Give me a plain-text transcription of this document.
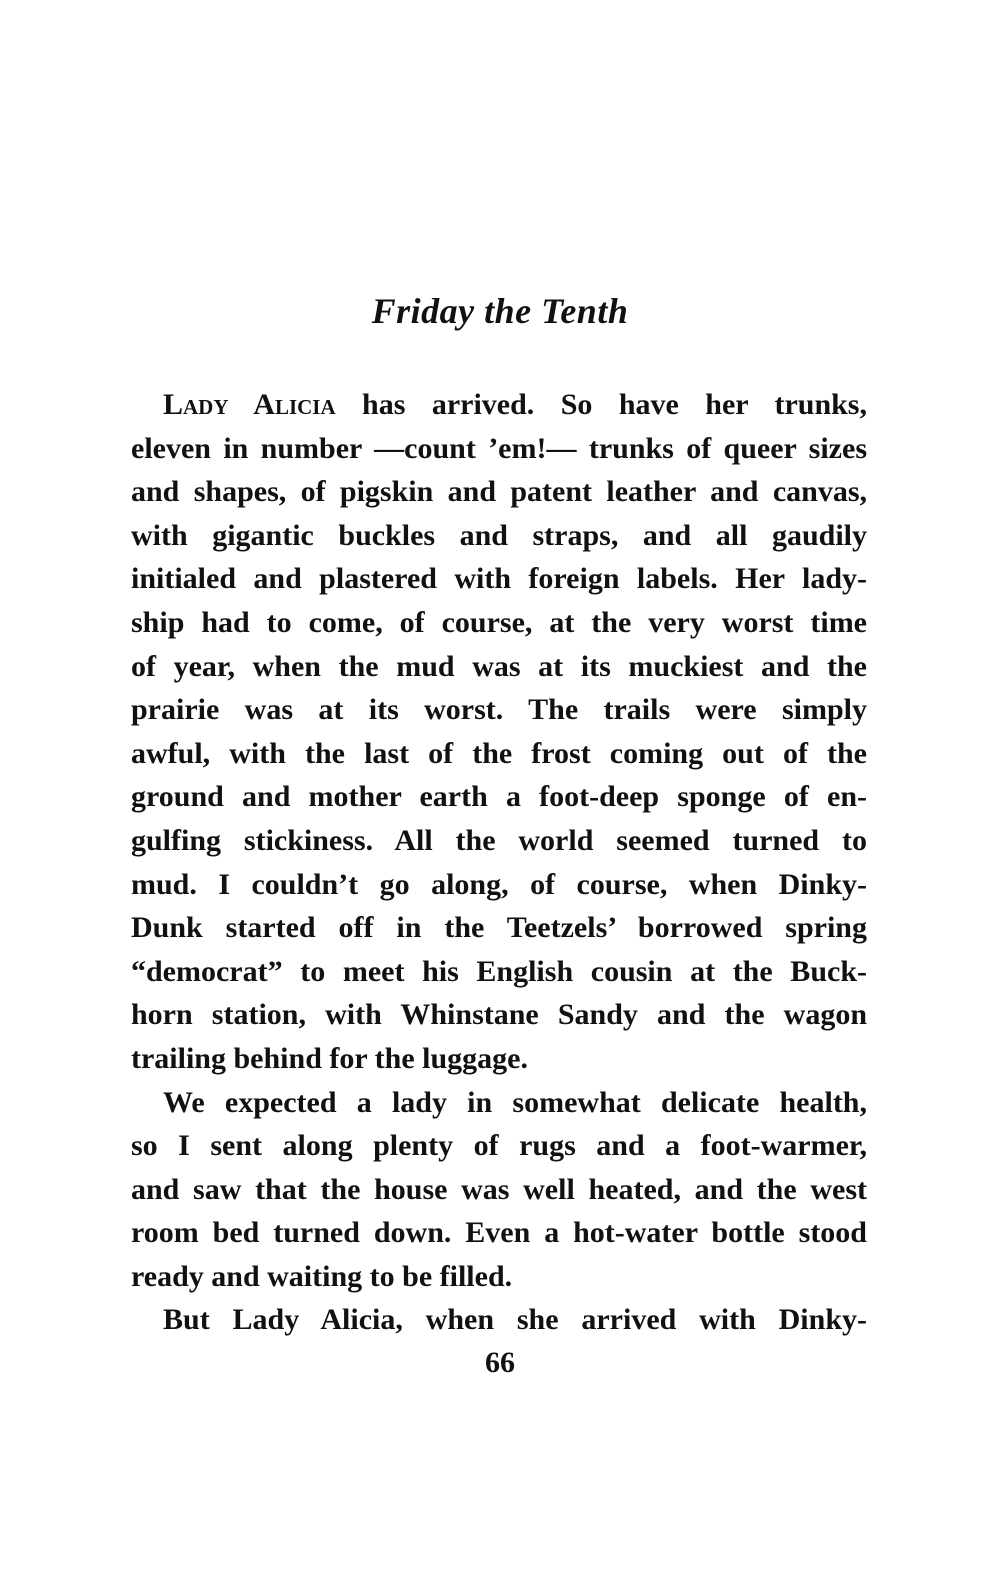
Friday the Tenth
Lady Alicia has arrived. So have her trunks,
eleven in number —count ’em!— trunks of queer sizes
and shapes, of pigskin and patent leather and canvas,
with gigantic buckles and straps, and all gaudily
initialed and plastered with foreign labels. Her lady-
ship had to come, of course, at the very worst time
of year, when the mud was at its muckiest and the
prairie was at its worst. The trails were simply
awful, with the last of the frost coming out of the
ground and mother earth a foot-deep sponge of en-
gulfing stickiness. All the world seemed turned to
mud. I couldn’t go along, of course, when Dinky-
Dunk started off in the Teetzels’ borrowed spring
“democrat” to meet his English cousin at the Buck-
horn station, with Whinstane Sandy and the wagon
trailing behind for the luggage.
We expected a lady in somewhat delicate health,
so I sent along plenty of rugs and a foot-warmer,
and saw that the house was well heated, and the west
room bed turned down. Even a hot-water bottle stood
ready and waiting to be filled.
But Lady Alicia, when she arrived with Dinky-
66
